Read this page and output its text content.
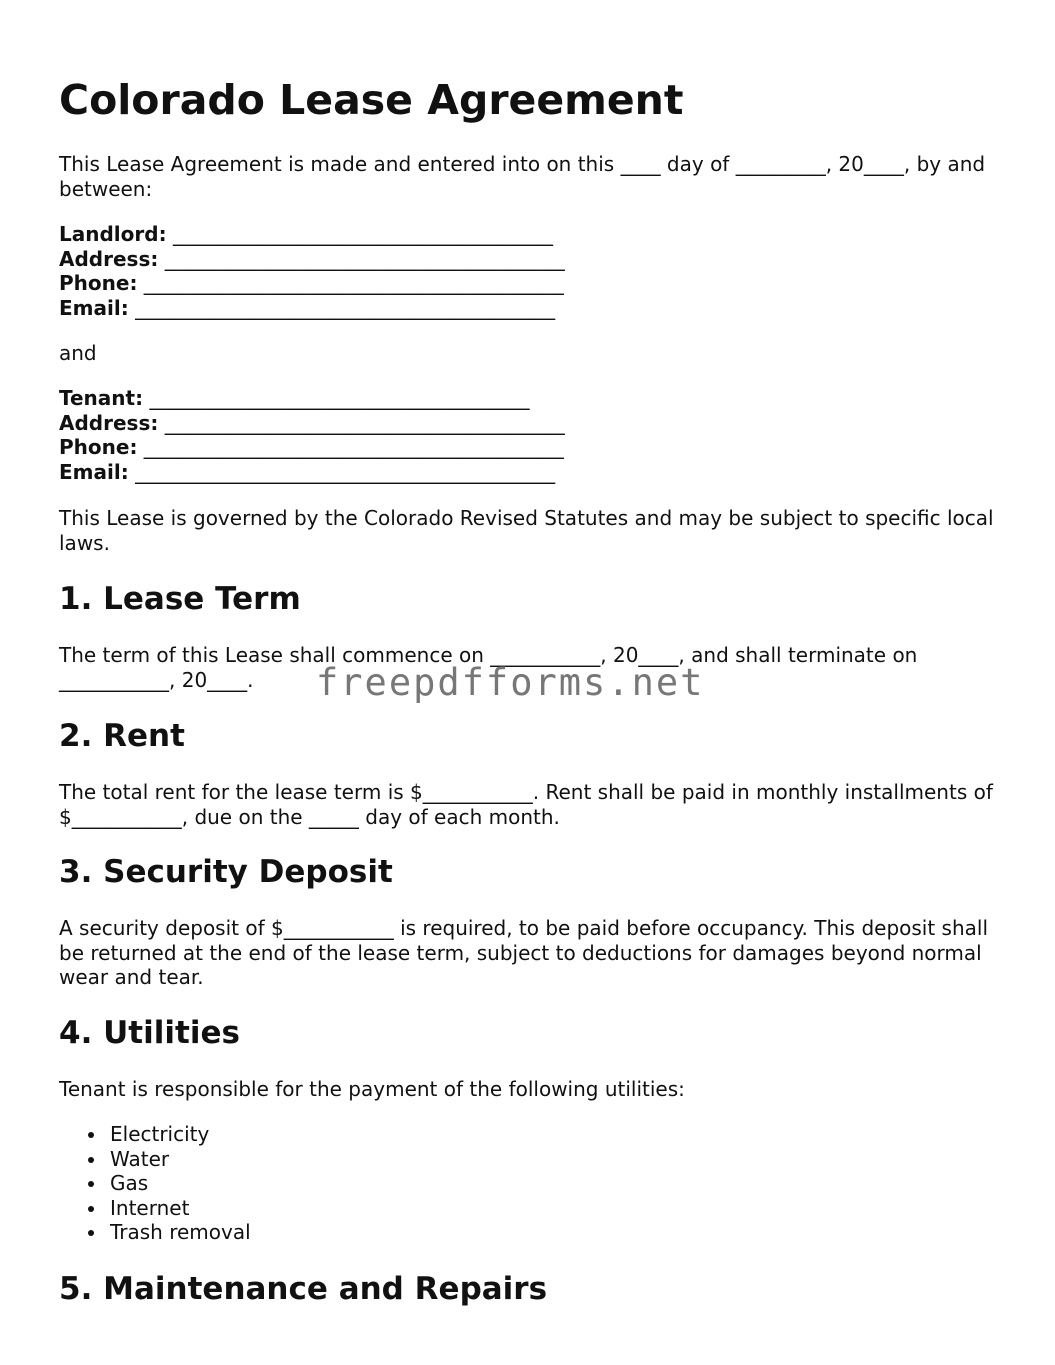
Colorado Lease Agreement

This Lease Agreement is made and entered into on this ____ day of _________, 20____, by and between:

Landlord: ______________________________________
Address: ________________________________________
Phone: __________________________________________
Email: __________________________________________

and

Tenant: ______________________________________
Address: ________________________________________
Phone: __________________________________________
Email: __________________________________________

This Lease is governed by the Colorado Revised Statutes and may be subject to specific local laws.

1. Lease Term

The term of this Lease shall commence on ___________, 20____, and shall terminate on ___________, 20____.

2. Rent

The total rent for the lease term is $___________. Rent shall be paid in monthly installments of $___________, due on the _____ day of each month.

3. Security Deposit

A security deposit of $___________ is required, to be paid before occupancy. This deposit shall be returned at the end of the lease term, subject to deductions for damages beyond normal wear and tear.

4. Utilities

Tenant is responsible for the payment of the following utilities:

Electricity
Water
Gas
Internet
Trash removal
5. Maintenance and Repairs
freepdfforms.net
